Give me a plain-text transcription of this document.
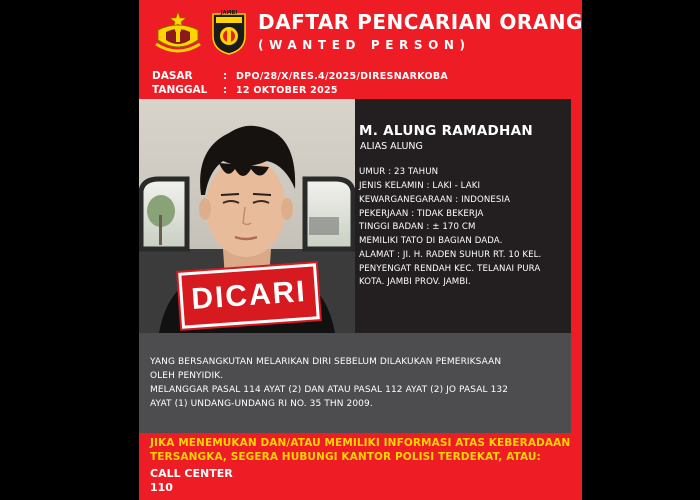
JAMBI DAFTAR PENCARIAN ORANG
(WANTED PERSON)
DASAR	: DPO/28/X/RES.4/2025/DIRESNARKOBA
TANGGAL : 12 OKTOBER 2025
DICARI
M. ALUNG RAMADHAN
ALIAS ALUNG
UMUR : 23 TAHUN
JENIS KELAMIN : LAKI - LAKI
KEWARGANEGARAAN : INDONESIA
PEKERJAAN : TIDAK BEKERJA
TINGGI BADAN : ± 170 CM
MEMILIKI TATO DI BAGIAN DADA.
ALAMAT : JI. H. RADEN SUHUR RT. 10 KEL.
PENYENGAT RENDAH KEC. TELANAI PURA
KOTA. JAMBI PROV. JAMBI.
YANG BERSANGKUTAN MELARIKAN DIRI SEBELUM DILAKUKAN PEMERIKSAAN
OLEH PENYIDIK.
MELANGGAR PASAL 114 AYAT (2) DAN ATAU PASAL 112 AYAT (2) JO PASAL 132
AYAT (1) UNDANG-UNDANG RI NO. 35 THN 2009.
JIKA MENEMUKAN DAN/ATAU MEMILIKI INFORMASI ATAS KEBERADAAN
TERSANGKA, SEGERA HUBUNGI KANTOR POLISI TERDEKAT, ATAU:
CALL CENTER
110
